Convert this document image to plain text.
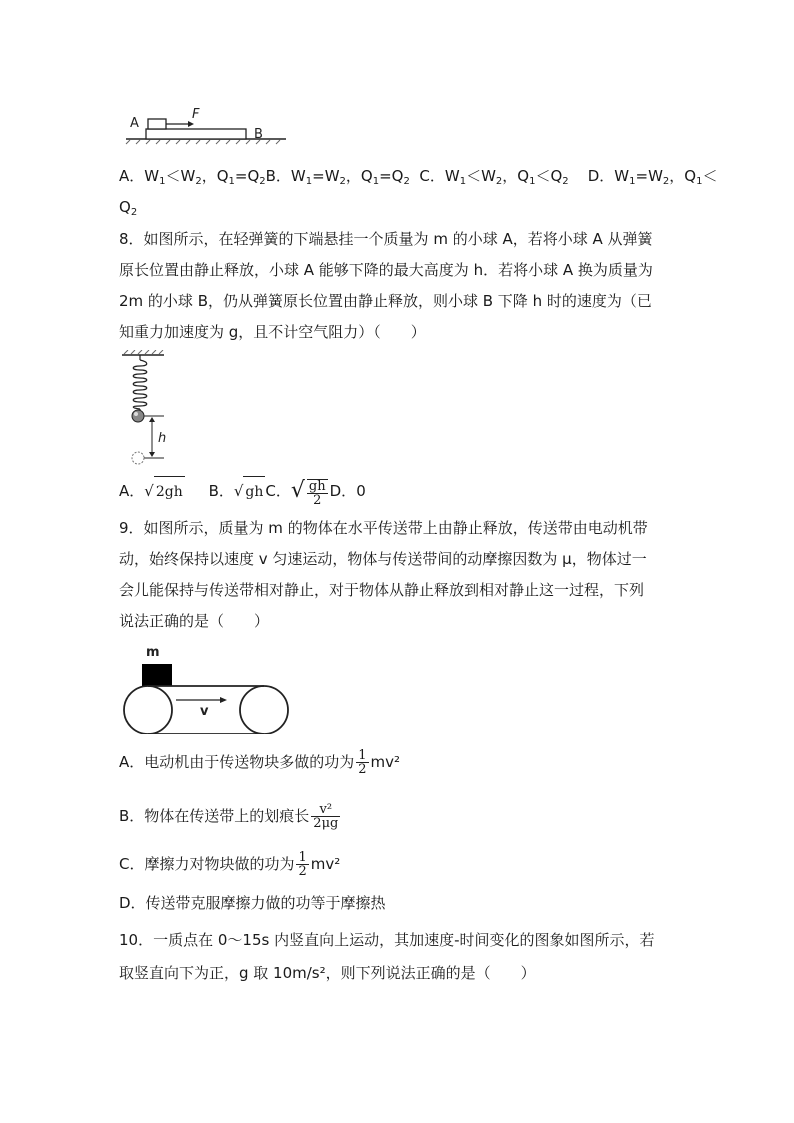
A
F
B
A．$W_1<W_2$，$Q_1=Q_2B$．$W_1=W_2$，$Q_1=Q_2$ C．$W_1<W_2$，$Q_1<Q_2$ D．$W_1=W_2$，$Q_1<$
$Q_2$
8．如图所示，在轻弹簧的下端悬挂一个质量为 m 的小球 A，若将小球 A 从弹簧
原长位置由静止释放，小球 A 能够下降的最大高度为 h．若将小球 A 换为质量为
2m 的小球 B，仍从弹簧原长位置由静止释放，则小球 B 下降 h 时的速度为（已
知重力加速度为 g，且不计空气阻力）（　　）
h
A．√ 2gh B．√ gh C．√ $\frac{gh}{2}$ D．0
9．如图所示，质量为 m 的物体在水平传送带上由静止释放，传送带由电动机带
动，始终保持以速度 v 匀速运动，物体与传送带间的动摩擦因数为 μ，物体过一
会儿能保持与传送带相对静止，对于物体从静止释放到相对静止这一过程，下列
说法正确的是（　　）
m
v
A．电动机由于传送物块多做的功为 $\frac{1}{2} mv^2$
B．物体在传送带上的划痕长 $\frac{\text{v²}}{2\mu g}$
C．摩擦力对物块做的功为 $\frac{1}{2} mv^2$
D．传送带克服摩擦力做的功等于摩擦热
10．一质点在 0～15s 内竖直向上运动，其加速度-时间变化的图象如图所示，若
取竖直向下为正，g 取 10m/s²，则下列说法正确的是（　　）
